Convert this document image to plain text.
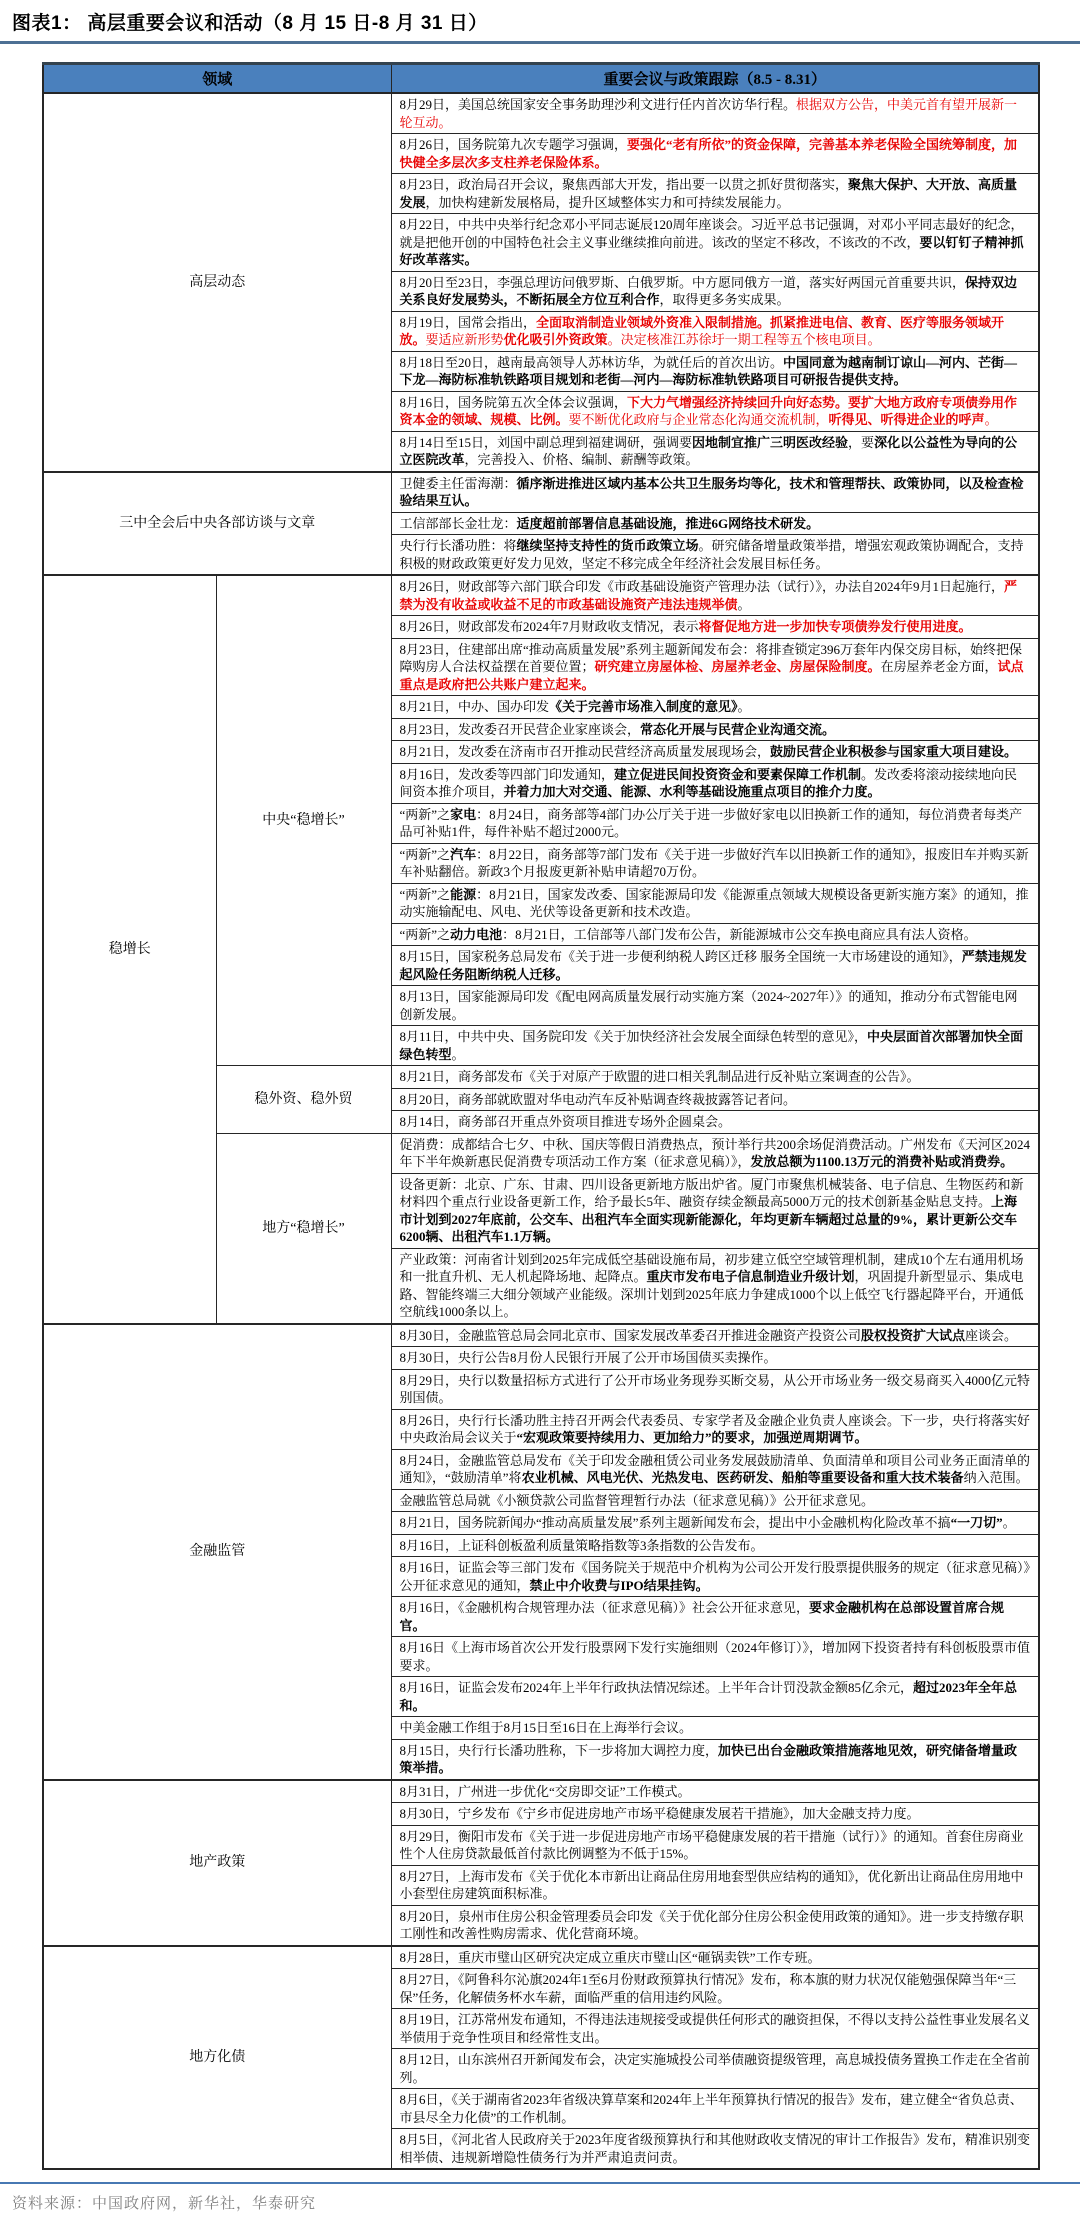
图表1： 高层重要会议和活动（8 月 15 日-8 月 31 日）
领域		重要会议与政策跟踪（8.5 - 8.31）
高层动态		8月29日，美国总统国家安全事务助理沙利文进行任内首次访华行程。根据双方公告，中美元首有望开展新一轮互动。
		8月26日，国务院第九次专题学习强调，要强化“老有所依”的资金保障，完善基本养老保险全国统筹制度，加快健全多层次多支柱养老保险体系。
		8月23日，政治局召开会议，聚焦西部大开发，指出要一以贯之抓好贯彻落实，聚焦大保护、大开放、高质量发展，加快构建新发展格局，提升区域整体实力和可持续发展能力。
		8月22日，中共中央举行纪念邓小平同志诞辰120周年座谈会。习近平总书记强调，对邓小平同志最好的纪念，就是把他开创的中国特色社会主义事业继续推向前进。该改的坚定不移改，不该改的不改，要以钉钉子精神抓好改革落实。
		8月20日至23日，李强总理访问俄罗斯、白俄罗斯。中方愿同俄方一道，落实好两国元首重要共识，保持双边关系良好发展势头，不断拓展全方位互利合作，取得更多务实成果。
		8月19日，国常会指出，全面取消制造业领域外资准入限制措施。抓紧推进电信、教育、医疗等服务领域开放。要适应新形势优化吸引外资政策。决定核准江苏徐圩一期工程等五个核电项目。
		8月18日至20日，越南最高领导人苏林访华，为就任后的首次出访。中国同意为越南制订谅山—河内、芒街—下龙—海防标准轨铁路项目规划和老街—河内—海防标准轨铁路项目可研报告提供支持。
		8月16日，国务院第五次全体会议强调，下大力气增强经济持续回升向好态势。要扩大地方政府专项债券用作资本金的领域、规模、比例。要不断优化政府与企业常态化沟通交流机制，听得见、听得进企业的呼声。
		8月14日至15日，刘国中副总理到福建调研，强调要因地制宜推广三明医改经验，要深化以公益性为导向的公立医院改革，完善投入、价格、编制、薪酬等政策。
三中全会后中央各部访谈与文章		卫健委主任雷海潮：循序渐进推进区域内基本公共卫生服务均等化，技术和管理帮扶、政策协同，以及检查检验结果互认。
		工信部部长金壮龙：适度超前部署信息基础设施，推进6G网络技术研发。
		央行行长潘功胜：将继续坚持支持性的货币政策立场。研究储备增量政策举措，增强宏观政策协调配合，支持积极的财政政策更好发力见效，坚定不移完成全年经济社会发展目标任务。
稳增长	中央“稳增长”	8月26日，财政部等六部门联合印发《市政基础设施资产管理办法（试行）》，办法自2024年9月1日起施行，严禁为没有收益或收益不足的市政基础设施资产违法违规举债。
		8月26日，财政部发布2024年7月财政收支情况，表示将督促地方进一步加快专项债券发行使用进度。
		8月23日，住建部出席“推动高质量发展”系列主题新闻发布会：将排查锁定396万套年内保交房目标，始终把保障购房人合法权益摆在首要位置；研究建立房屋体检、房屋养老金、房屋保险制度。在房屋养老金方面，试点重点是政府把公共账户建立起来。
		8月21日，中办、国办印发《关于完善市场准入制度的意见》。
		8月23日，发改委召开民营企业家座谈会，常态化开展与民营企业沟通交流。
		8月21日，发改委在济南市召开推动民营经济高质量发展现场会，鼓励民营企业积极参与国家重大项目建设。
		8月16日，发改委等四部门印发通知，建立促进民间投资资金和要素保障工作机制。发改委将滚动接续地向民间资本推介项目，并着力加大对交通、能源、水利等基础设施重点项目的推介力度。
		“两新”之家电：8月24日，商务部等4部门办公厅关于进一步做好家电以旧换新工作的通知，每位消费者每类产品可补贴1件，每件补贴不超过2000元。
		“两新”之汽车：8月22日，商务部等7部门发布《关于进一步做好汽车以旧换新工作的通知》，报废旧车并购买新车补贴翻倍。新政3个月报废更新补贴申请超70万份。
		“两新”之能源：8月21日，国家发改委、国家能源局印发《能源重点领域大规模设备更新实施方案》的通知，推动实施输配电、风电、光伏等设备更新和技术改造。
		“两新”之动力电池：8月21日，工信部等八部门发布公告，新能源城市公交车换电商应具有法人资格。
		8月15日，国家税务总局发布《关于进一步便利纳税人跨区迁移 服务全国统一大市场建设的通知》，严禁违规发起风险任务阻断纳税人迁移。
		8月13日，国家能源局印发《配电网高质量发展行动实施方案（2024~2027年）》的通知，推动分布式智能电网创新发展。
		8月11日，中共中央、国务院印发《关于加快经济社会发展全面绿色转型的意见》，中央层面首次部署加快全面绿色转型。
	稳外资、稳外贸	8月21日，商务部发布《关于对原产于欧盟的进口相关乳制品进行反补贴立案调查的公告》。
		8月20日，商务部就欧盟对华电动汽车反补贴调查终裁披露答记者问。
		8月14日，商务部召开重点外资项目推进专场外企圆桌会。
	地方“稳增长”	促消费：成都结合七夕、中秋、国庆等假日消费热点，预计举行共200余场促消费活动。广州发布《天河区2024年下半年焕新惠民促消费专项活动工作方案（征求意见稿）》，发放总额为1100.13万元的消费补贴或消费券。
		设备更新：北京、广东、甘肃、四川设备更新地方版出炉省。厦门市聚焦机械装备、电子信息、生物医药和新材料四个重点行业设备更新工作，给予最长5年、融资存续金额最高5000万元的技术创新基金贴息支持。上海市计划到2027年底前，公交车、出租汽车全面实现新能源化，年均更新车辆超过总量的9%，累计更新公交车6200辆、出租汽车1.1万辆。
		产业政策：河南省计划到2025年完成低空基础设施布局，初步建立低空空域管理机制，建成10个左右通用机场和一批直升机、无人机起降场地、起降点。重庆市发布电子信息制造业升级计划，巩固提升新型显示、集成电路、智能终端三大细分领域产业能级。深圳计划到2025年底力争建成1000个以上低空飞行器起降平台，开通低空航线1000条以上。
金融监管		8月30日，金融监管总局会同北京市、国家发展改革委召开推进金融资产投资公司股权投资扩大试点座谈会。
		8月30日，央行公告8月份人民银行开展了公开市场国债买卖操作。
		8月29日，央行以数量招标方式进行了公开市场业务现券买断交易，从公开市场业务一级交易商买入4000亿元特别国债。
		8月26日，央行行长潘功胜主持召开两会代表委员、专家学者及金融企业负责人座谈会。下一步，央行将落实好中央政治局会议关于“宏观政策要持续用力、更加给力”的要求，加强逆周期调节。
		8月24日，金融监管总局发布《关于印发金融租赁公司业务发展鼓励清单、负面清单和项目公司业务正面清单的通知》，“鼓励清单”将农业机械、风电光伏、光热发电、医药研发、船舶等重要设备和重大技术装备纳入范围。
		金融监管总局就《小额贷款公司监督管理暂行办法（征求意见稿）》公开征求意见。
		8月21日，国务院新闻办“推动高质量发展”系列主题新闻发布会，提出中小金融机构化险改革不搞“一刀切”。
		8月16日，上证科创板盈利质量策略指数等3条指数的公告发布。
		8月16日，证监会等三部门发布《国务院关于规范中介机构为公司公开发行股票提供服务的规定（征求意见稿）》公开征求意见的通知，禁止中介收费与IPO结果挂钩。
		8月16日，《金融机构合规管理办法（征求意见稿）》社会公开征求意见，要求金融机构在总部设置首席合规官。
		8月16日《上海市场首次公开发行股票网下发行实施细则（2024年修订）》，增加网下投资者持有科创板股票市值要求。
		8月16日，证监会发布2024年上半年行政执法情况综述。上半年合计罚没款金额85亿余元，超过2023年全年总和。
		中美金融工作组于8月15日至16日在上海举行会议。
		8月15日，央行行长潘功胜称，下一步将加大调控力度，加快已出台金融政策措施落地见效，研究储备增量政策举措。
地产政策		8月31日，广州进一步优化“交房即交证”工作模式。
		8月30日，宁乡发布《宁乡市促进房地产市场平稳健康发展若干措施》，加大金融支持力度。
		8月29日，衡阳市发布《关于进一步促进房地产市场平稳健康发展的若干措施（试行）》的通知。首套住房商业性个人住房贷款最低首付款比例调整为不低于15%。
		8月27日，上海市发布《关于优化本市新出让商品住房用地套型供应结构的通知》，优化新出让商品住房用地中小套型住房建筑面积标准。
		8月20日，泉州市住房公积金管理委员会印发《关于优化部分住房公积金使用政策的通知》。进一步支持缴存职工刚性和改善性购房需求、优化营商环境。
地方化债		8月28日，重庆市璧山区研究决定成立重庆市璧山区“砸锅卖铁”工作专班。
		8月27日，《阿鲁科尔沁旗2024年1至6月份财政预算执行情况》发布，称本旗的财力状况仅能勉强保障当年“三保”任务，化解债务杯水车薪，面临严重的信用违约风险。
		8月19日，江苏常州发布通知，不得违法违规接受或提供任何形式的融资担保，不得以支持公益性事业发展名义举债用于竞争性项目和经常性支出。
		8月12日，山东滨州召开新闻发布会，决定实施城投公司举债融资提级管理，高息城投债务置换工作走在全省前列。
		8月6日，《关于湖南省2023年省级决算草案和2024年上半年预算执行情况的报告》发布，建立健全“省负总责、市县尽全力化债”的工作机制。
		8月5日，《河北省人民政府关于2023年度省级预算执行和其他财政收支情况的审计工作报告》发布，精准识别变相举债、违规新增隐性债务行为并严肃追责问责。
资料来源：中国政府网，新华社，华泰研究
